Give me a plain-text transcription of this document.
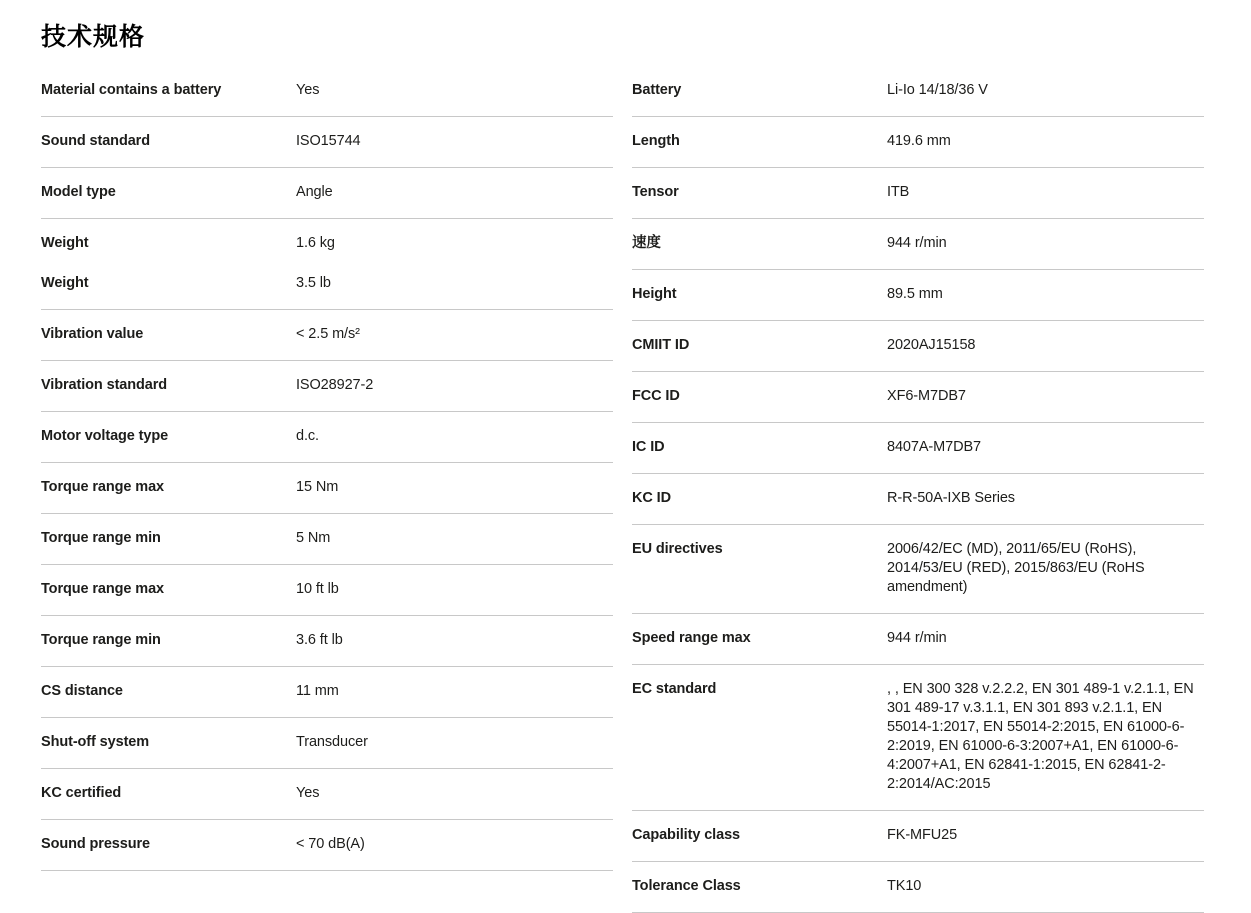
技术规格
Material contains a battery	Yes
Sound standard	ISO15744
Model type	Angle
Weight	1.6 kg
Weight	3.5 lb
Vibration value	< 2.5 m/s²
Vibration standard	ISO28927-2
Motor voltage type	d.c.
Torque range max	15 Nm
Torque range min	5 Nm
Torque range max	10 ft lb
Torque range min	3.6 ft lb
CS distance	11 mm
Shut-off system	Transducer
KC certified	Yes
Sound pressure	< 70 dB(A)
Battery	Li-Io 14/18/36 V
Length	419.6 mm
Tensor	ITB
速度	944 r/min
Height	89.5 mm
CMIIT ID	2020AJ15158
FCC ID	XF6-M7DB7
IC ID	8407A-M7DB7
KC ID	R-R-50A-IXB Series
EU directives	2006/42/EC (MD), 2011/65/EU (RoHS), 2014/53/EU (RED), 2015/863/EU (RoHS amendment)
Speed range max	944 r/min
EC standard	, , EN 300 328 v.2.2.2, EN 301 489-1 v.2.1.1, EN 301 489-17 v.3.1.1, EN 301 893 v.2.1.1, EN 55014-1:2017, EN 55014-2:2015, EN 61000-6-2:2019, EN 61000-6-3:2007+A1, EN 61000-6-4:2007+A1, EN 62841-1:2015, EN 62841-2-2:2014/AC:2015
Capability class	FK-MFU25
Tolerance Class	TK10
